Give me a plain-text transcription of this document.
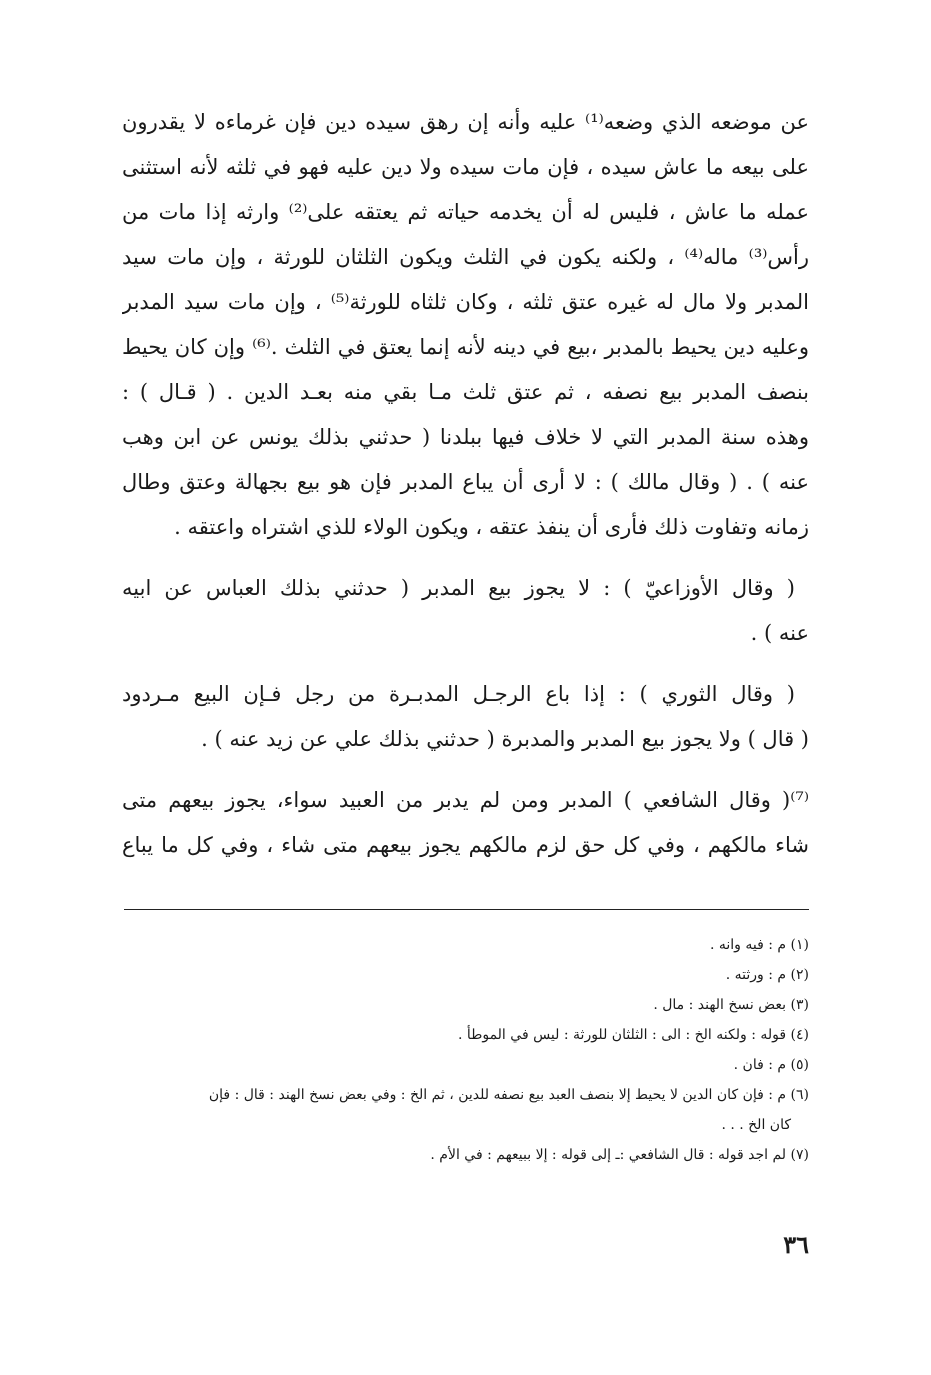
عن موضعه الذي وضعه⁽¹⁾ عليه وأنه إن رهق سيده دين فإن غرماءه لا يقدرون
على بيعه ما عاش سيده ، فإن مات سيده ولا دين عليه فهو في ثلثه لأنه استثنى
عمله ما عاش ، فليس له أن يخدمه حياته ثم يعتقه على⁽²⁾ وارثه إذا مات من
رأس⁽³⁾ ماله⁽⁴⁾ ، ولكنه يكون في الثلث ويكون الثلثان للورثة ، وإن مات سيد
المدبر ولا مال له غيره عتق ثلثه ، وكان ثلثاه للورثة⁽⁵⁾ ، وإن مات سيد المدبر
وعليه دين يحيط بالمدبر ،بيع في دينه لأنه إنما يعتق في الثلث .⁽⁶⁾ وإن كان يحيط
بنصف المدبر بيع نصفه ، ثم عتق ثلث مـا بقي منه بعـد الدين . ( قـال ) :
وهذه سنة المدبر التي لا خلاف فيها ببلدنا ( حدثني بذلك يونس عن ابن وهب
عنه ) . ( وقال مالك ) : لا أرى أن يباع المدبر فإن هو بيع بجهالة وعتق وطال
زمانه وتفاوت ذلك فأرى أن ينفذ عتقه ، ويكون الولاء للذي اشتراه واعتقه .
( وقال الأوزاعيّ ) : لا يجوز بيع المدبر ( حدثني بذلك العباس عن ابيه
عنه ) .
( وقال الثوري ) : إذا باع الرجـل المدبـرة من رجل فـإن البيع مـردود
( قال ) ولا يجوز بيع المدبر والمدبرة ( حدثني بذلك علي عن زيد عنه ) .
⁽⁷⁾( وقال الشافعي ) المدبر ومن لم يدبر من العبيد سواء، يجوز بيعهم متى
شاء مالكهم ، وفي كل حق لزم مالكهم يجوز بيعهم متى شاء ، وفي كل ما يباع
(١) م : فيه وانه .
(٢) م : ورثته .
(٣) بعض نسخ الهند : مال .
(٤) قوله : ولكنه الخ : الى : الثلثان للورثة : ليس في الموطأ .
(٥) م : فان .
(٦) م : فإن كان الدين لا يحيط إلا بنصف العبد بيع نصفه للدين ، ثم الخ : وفي بعض نسخ الهند : قال : فإن
كان الخ . . .
(٧) لم اجد قوله : قال الشافعي :ـ إلى قوله : إلا ببيعهم : في الأم .
٣٦
